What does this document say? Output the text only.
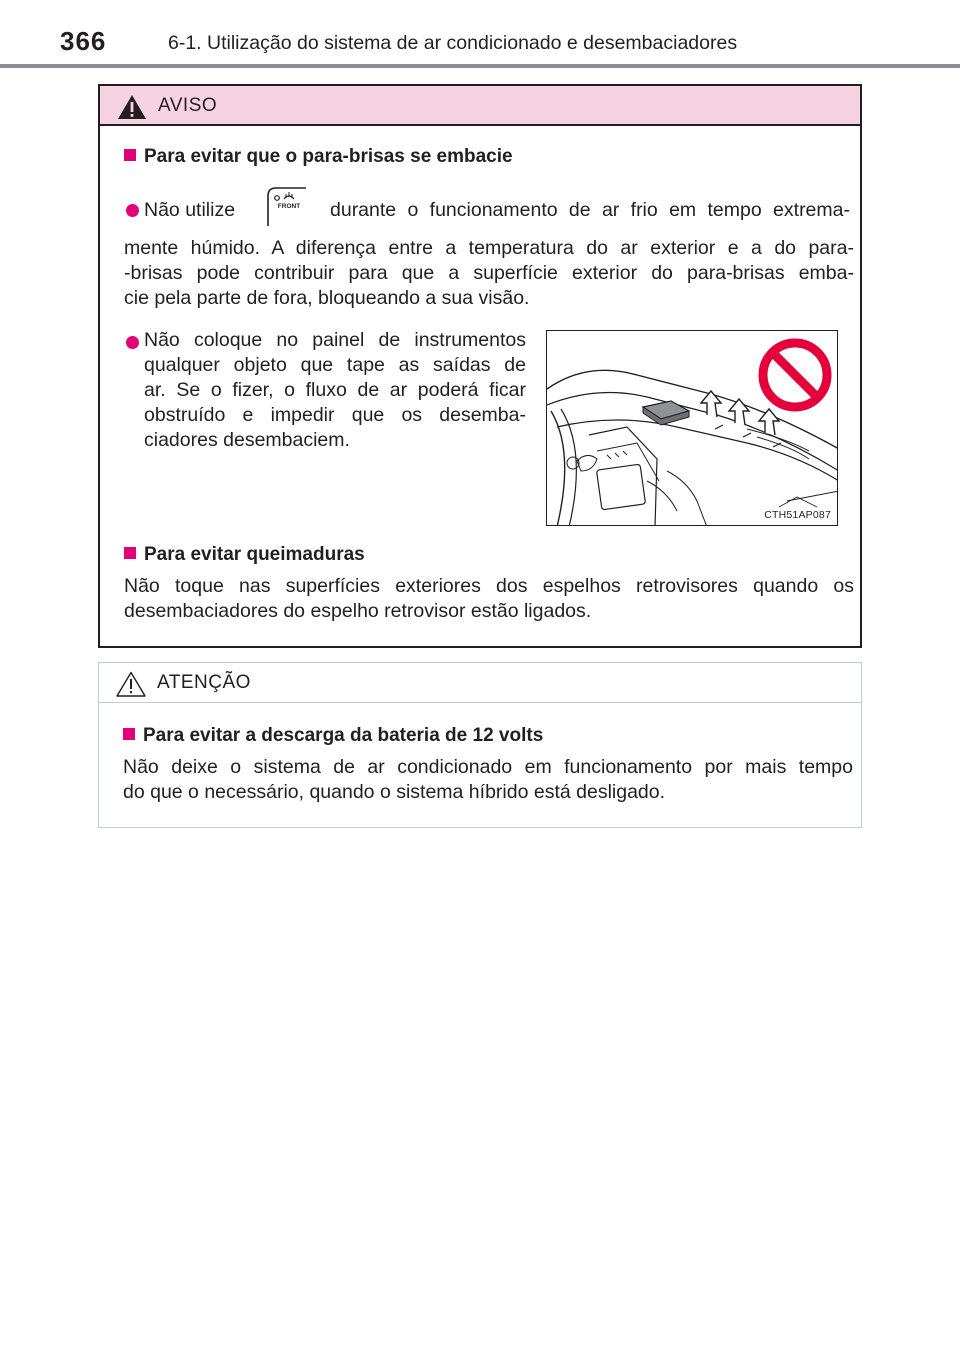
366	6-1. Utilização do sistema de ar condicionado e desembaciadores
AVISO
Para evitar que o para-brisas se embacie
Não utilize	FRONT durante o funcionamento de ar frio em tempo extrema-
mente húmido. A diferença entre a temperatura do ar exterior e a do para-
-brisas pode contribuir para que a superfície exterior do para-brisas emba-
cie pela parte de fora, bloqueando a sua visão.
Não coloque no painel de instrumentos
qualquer objeto que tape as saídas de
ar. Se o fizer, o fluxo de ar poderá ficar
obstruído e impedir que os desemba-
ciadores desembaciem.
CTH51AP087
Para evitar queimaduras
Não toque nas superfícies exteriores dos espelhos retrovisores quando os
desembaciadores do espelho retrovisor estão ligados.
ATENÇÃO
Para evitar a descarga da bateria de 12 volts
Não deixe o sistema de ar condicionado em funcionamento por mais tempo
do que o necessário, quando o sistema híbrido está desligado.
